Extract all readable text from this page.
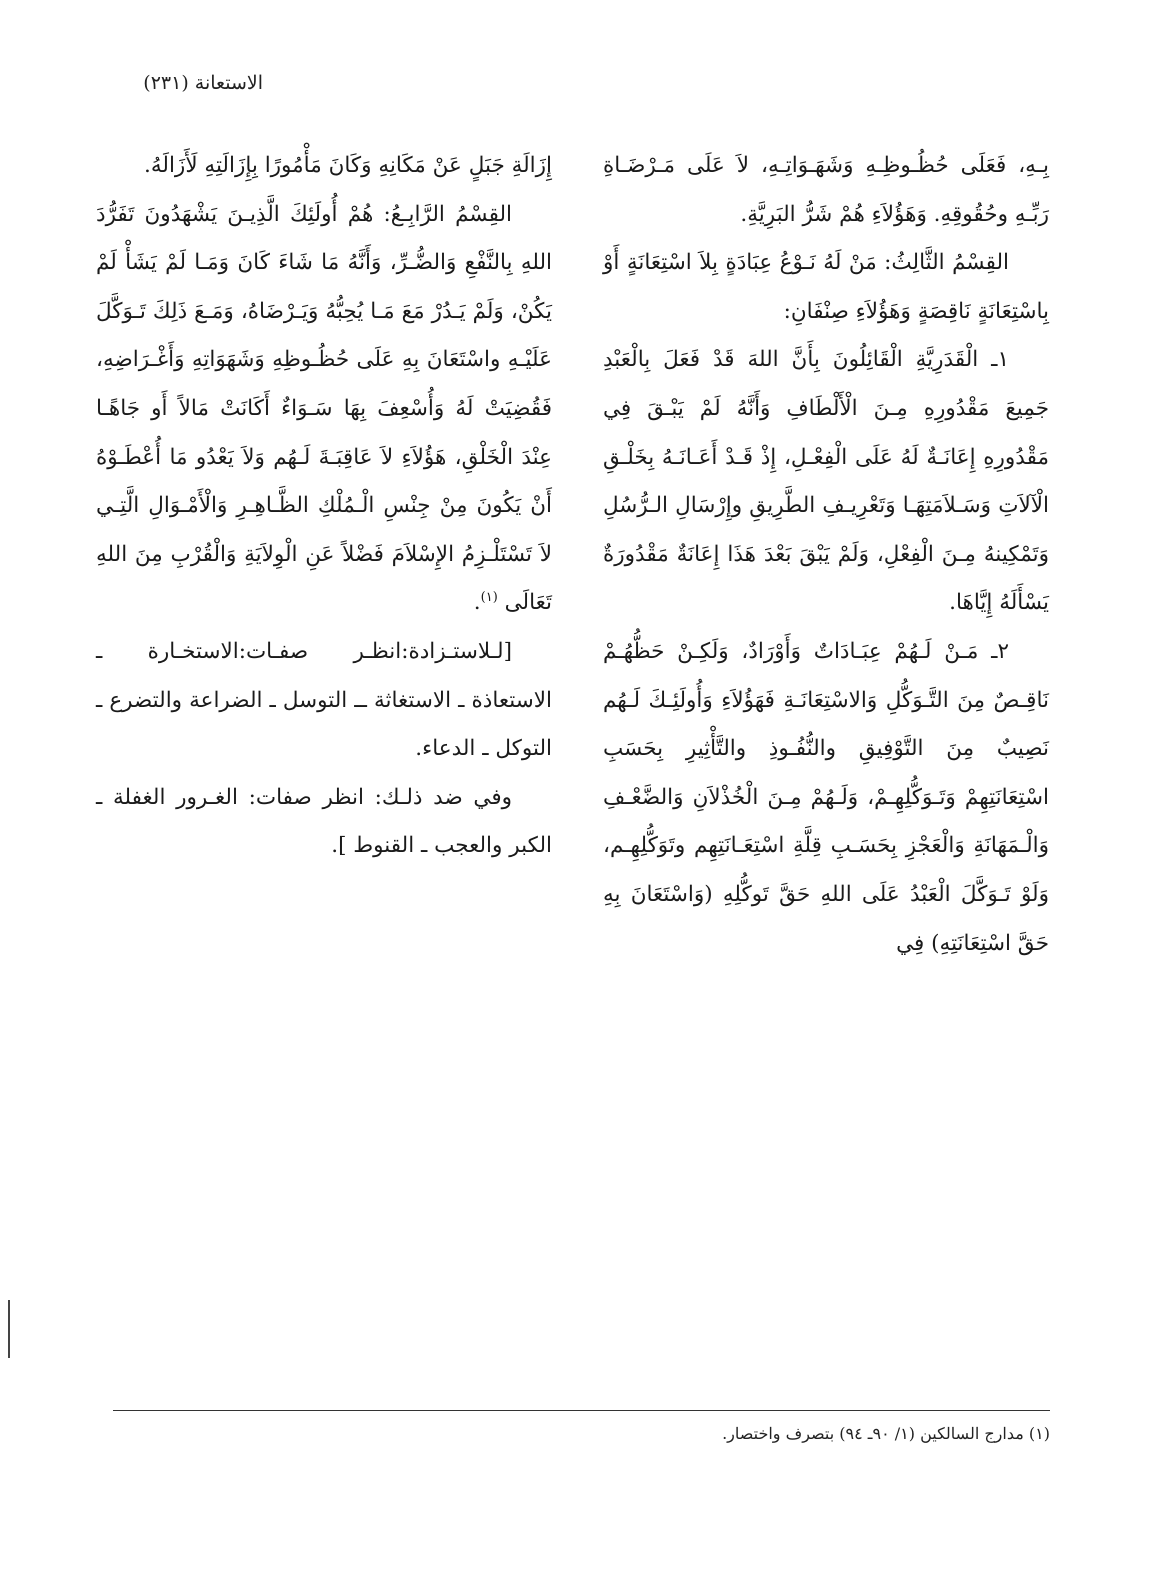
الاستعانة (٢٣١)

بِـهِ، فَعَلَى حُظُـوظِـهِ وَشَهَـوَاتِـهِ، لاَ عَلَى مَـرْضَـاةِ رَبِّـهِ وحُقُوقِهِ. وَهَؤُلاَءِ هُمْ شَرُّ البَرِيَّةِ.

القِسْمُ الثَّالِثُ: مَنْ لَهُ نَـوْعُ عِبَادَةٍ بِلاَ اسْتِعَانَةٍ أَوْ بِاسْتِعَانَةٍ نَاقِصَةٍ وَهَؤُلاَءِ صِنْفَانِ:

١ـ الْقَدَرِيَّةِ الْقَائِلُونَ بِأَنَّ اللهَ قَدْ فَعَلَ بِالْعَبْدِ جَمِيعَ مَقْدُورِهِ مِـنَ الْأَلْطَافِ وَأَنَّهُ لَمْ يَبْـقَ فِي مَقْدُورِهِ إِعَانَـةٌ لَهُ عَلَى الْفِعْـلِ، إِذْ قَـدْ أَعَـانَـهُ بِخَلْـقِ الْآلاَتِ وَسَـلاَمَتِهَـا وَتَعْرِيـفِ الطَّرِيقِ وإِرْسَالِ الـرُّسُلِ وَتَمْكِينهُ مِـنَ الْفِعْلِ، وَلَمْ يَبْقَ بَعْدَ هَذَا إِعَانَةٌ مَقْدُورَةٌ يَسْأَلَهُ إِيَّاهَا.

٢ـ مَـنْ لَـهُمْ عِبَـادَاتٌ وَأَوْرَادٌ، وَلَكِـنْ حَظُّهُـمْ نَاقِـصٌ مِنَ التَّـوَكُّلِ وَالاسْتِعَانَـةِ فَهَؤُلاَءِ وَأُولَئِـكَ لَـهُم نَصِيبٌ مِنَ التَّوْفِيقِ والنُّفُـوذِ والتَّأْثِيرِ بِحَسَبِ اسْتِعَانَتِهِمْ وَتَـوَكُّلِهِـمْ، وَلَـهُمْ مِـنَ الْخُذْلاَنِ وَالضَّعْـفِ وَالْـمَهَانَةِ وَالْعَجْزِ بِحَسَـبِ قِلَّةِ اسْتِعَـانَتِهِم وتَوَكُّلِهِـم، وَلَوْ تَـوَكَّلَ الْعَبْدُ عَلَى اللهِ حَقَّ تَوكُّلِهِ (وَاسْتَعَانَ بِهِ حَقَّ اسْتِعَانَتِهِ) فِي

إِزَالَةِ جَبَلٍ عَنْ مَكَانِهِ وَكَانَ مَأْمُورًا بِإِزَالَتِهِ لَأَزَالَهُ.

القِسْمُ الرَّابِـعُ: هُمْ أُولَئِكَ الَّذِيـنَ يَشْهَدُونَ تَفَرُّدَ اللهِ بِالنَّفْعِ وَالضُّـرِّ، وَأَنَّهُ مَا شَاءَ كَانَ وَمَـا لَمْ يَشَأْ لَمْ يَكُنْ، وَلَمْ يَـدُرْ مَعَ مَـا يُحِبُّهُ وَيَـرْضَاهُ، وَمَـعَ ذَلِكَ تَـوَكَّلَ عَلَيْـهِ واسْتَعَانَ بِهِ عَلَى حُظُـوظِهِ وَشَهَوَاتِهِ وَأَغْـرَاضِهِ، فَقُضِيَتْ لَهُ وَأُسْعِفَ بِهَا سَـوَاءٌ أَكَانَتْ مَالاً أَو جَاهًـا عِنْدَ الْخَلْقِ، هَؤُلاَءِ لاَ عَاقِبَـةَ لَـهُم وَلاَ يَعْدُو مَا أُعْطَـوْهُ أَنْ يَكُونَ مِنْ جِنْسِ الْـمُلْكِ الظَّـاهِـرِ وَالْأَمْـوَالِ الَّتِـي لاَ تَسْتَلْـزِمُ الإِسْلاَمَ فَضْلاً عَنِ الْوِلاَيَةِ وَالْقُرْبِ مِنَ اللهِ تَعَالَى $^{(١)}$.

[لـلاستـزادة:انظـر صفـات:الاستخـارة ـ الاستعاذة ـ الاستغاثة ــ التوسل ـ الضراعة والتضرع ـ التوكل ـ الدعاء.

وفي ضد ذلـك: انظر صفات: الغـرور الغفلة ـ الكبر والعجب ـ القنوط ].

(١) مدارج السالكين (١/ ٩٠ـ ٩٤) بتصرف واختصار.
